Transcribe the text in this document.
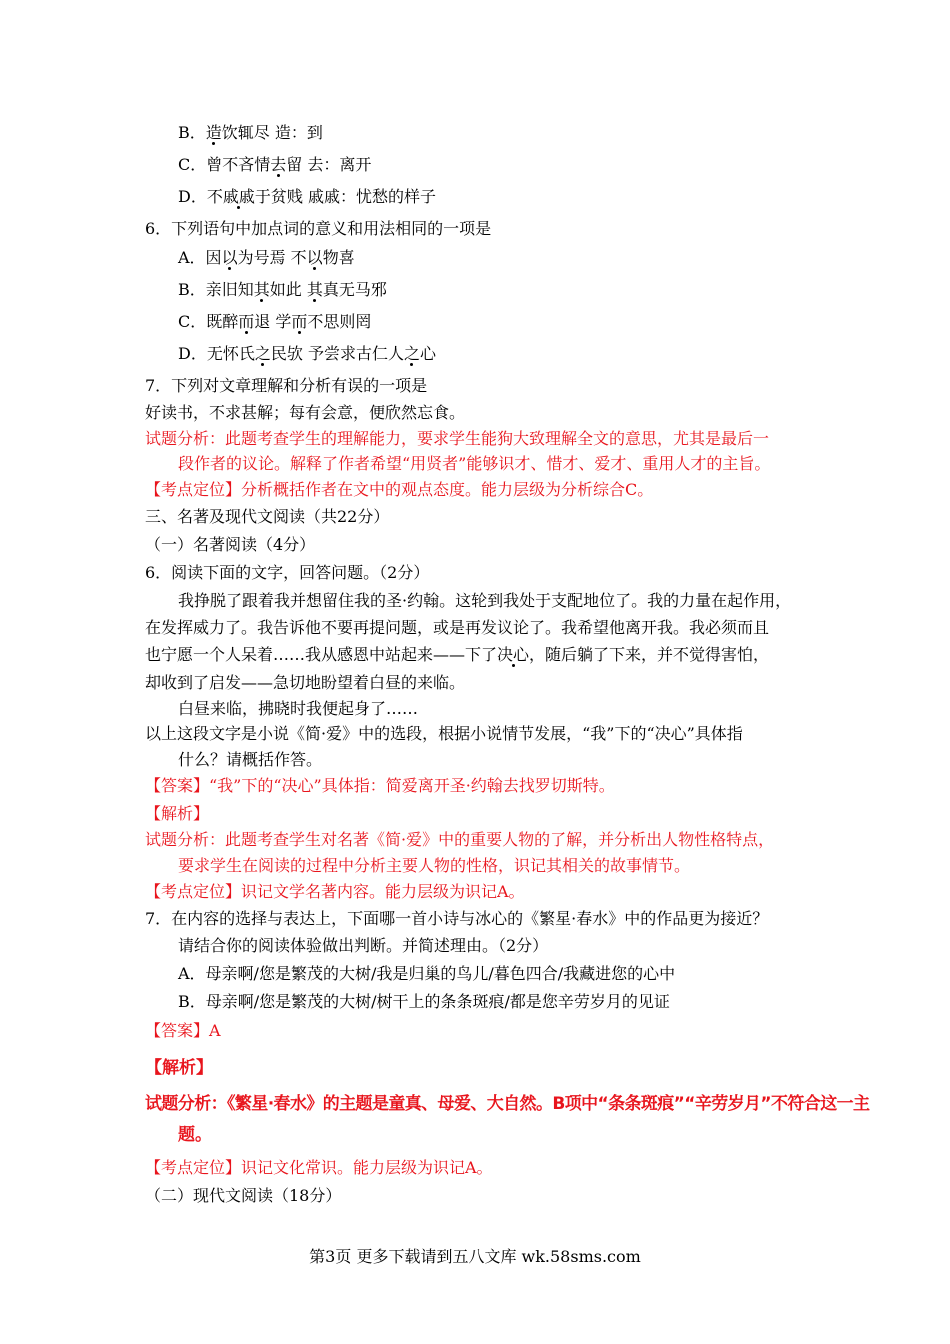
B．造饮辄尽 造：到
C．曾不吝情去留 去：离开
D．不戚戚于贫贱 戚戚：忧愁的样子
6．下列语句中加点词的意义和用法相同的一项是
A．因以为号焉 不以物喜
B．亲旧知其如此 其真无马邪
C．既醉而退 学而不思则罔
D．无怀氏之民欤 予尝求古仁人之心
7．下列对文章理解和分析有误的一项是
好读书，不求甚解；每有会意，便欣然忘食。
试题分析：此题考查学生的理解能力，要求学生能狗大致理解全文的意思，尤其是最后一
段作者的议论。解释了作者希望“用贤者”能够识才、惜才、爱才、重用人才的主旨。
【考点定位】分析概括作者在文中的观点态度。能力层级为分析综合C。
三、名著及现代文阅读（共22分）
（一）名著阅读（4分）
6．阅读下面的文字，回答问题。（2分）
我挣脱了跟着我并想留住我的圣·约翰。这轮到我处于支配地位了。我的力量在起作用，
在发挥威力了。我告诉他不要再提问题，或是再发议论了。我希望他离开我。我必须而且
也宁愿一个人呆着……我从感恩中站起来——下了决心，随后躺了下来，并不觉得害怕，
却收到了启发——急切地盼望着白昼的来临。
白昼来临，拂晓时我便起身了……
以上这段文字是小说《简·爱》中的选段，根据小说情节发展，“我”下的“决心”具体指
什么？请概括作答。
【答案】“我”下的“决心”具体指：简爱离开圣·约翰去找罗切斯特。
【解析】
试题分析：此题考查学生对名著《简·爱》中的重要人物的了解，并分析出人物性格特点，
要求学生在阅读的过程中分析主要人物的性格，识记其相关的故事情节。
【考点定位】识记文学名著内容。能力层级为识记A。
7．在内容的选择与表达上，下面哪一首小诗与冰心的《繁星·春水》中的作品更为接近？
请结合你的阅读体验做出判断。并简述理由。（2分）
A．母亲啊/您是繁茂的大树/我是归巢的鸟儿/暮色四合/我藏进您的心中
B．母亲啊/您是繁茂的大树/树干上的条条斑痕/都是您辛劳岁月的见证
【答案】A
【解析】
试题分析：《繁星·春水》的主题是童真、母爱、大自然。B项中“条条斑痕”“辛劳岁月”不符合这一主
题。
【考点定位】识记文化常识。能力层级为识记A。
（二）现代文阅读（18分）
第3页 更多下载请到五八文库 wk.58sms.com
